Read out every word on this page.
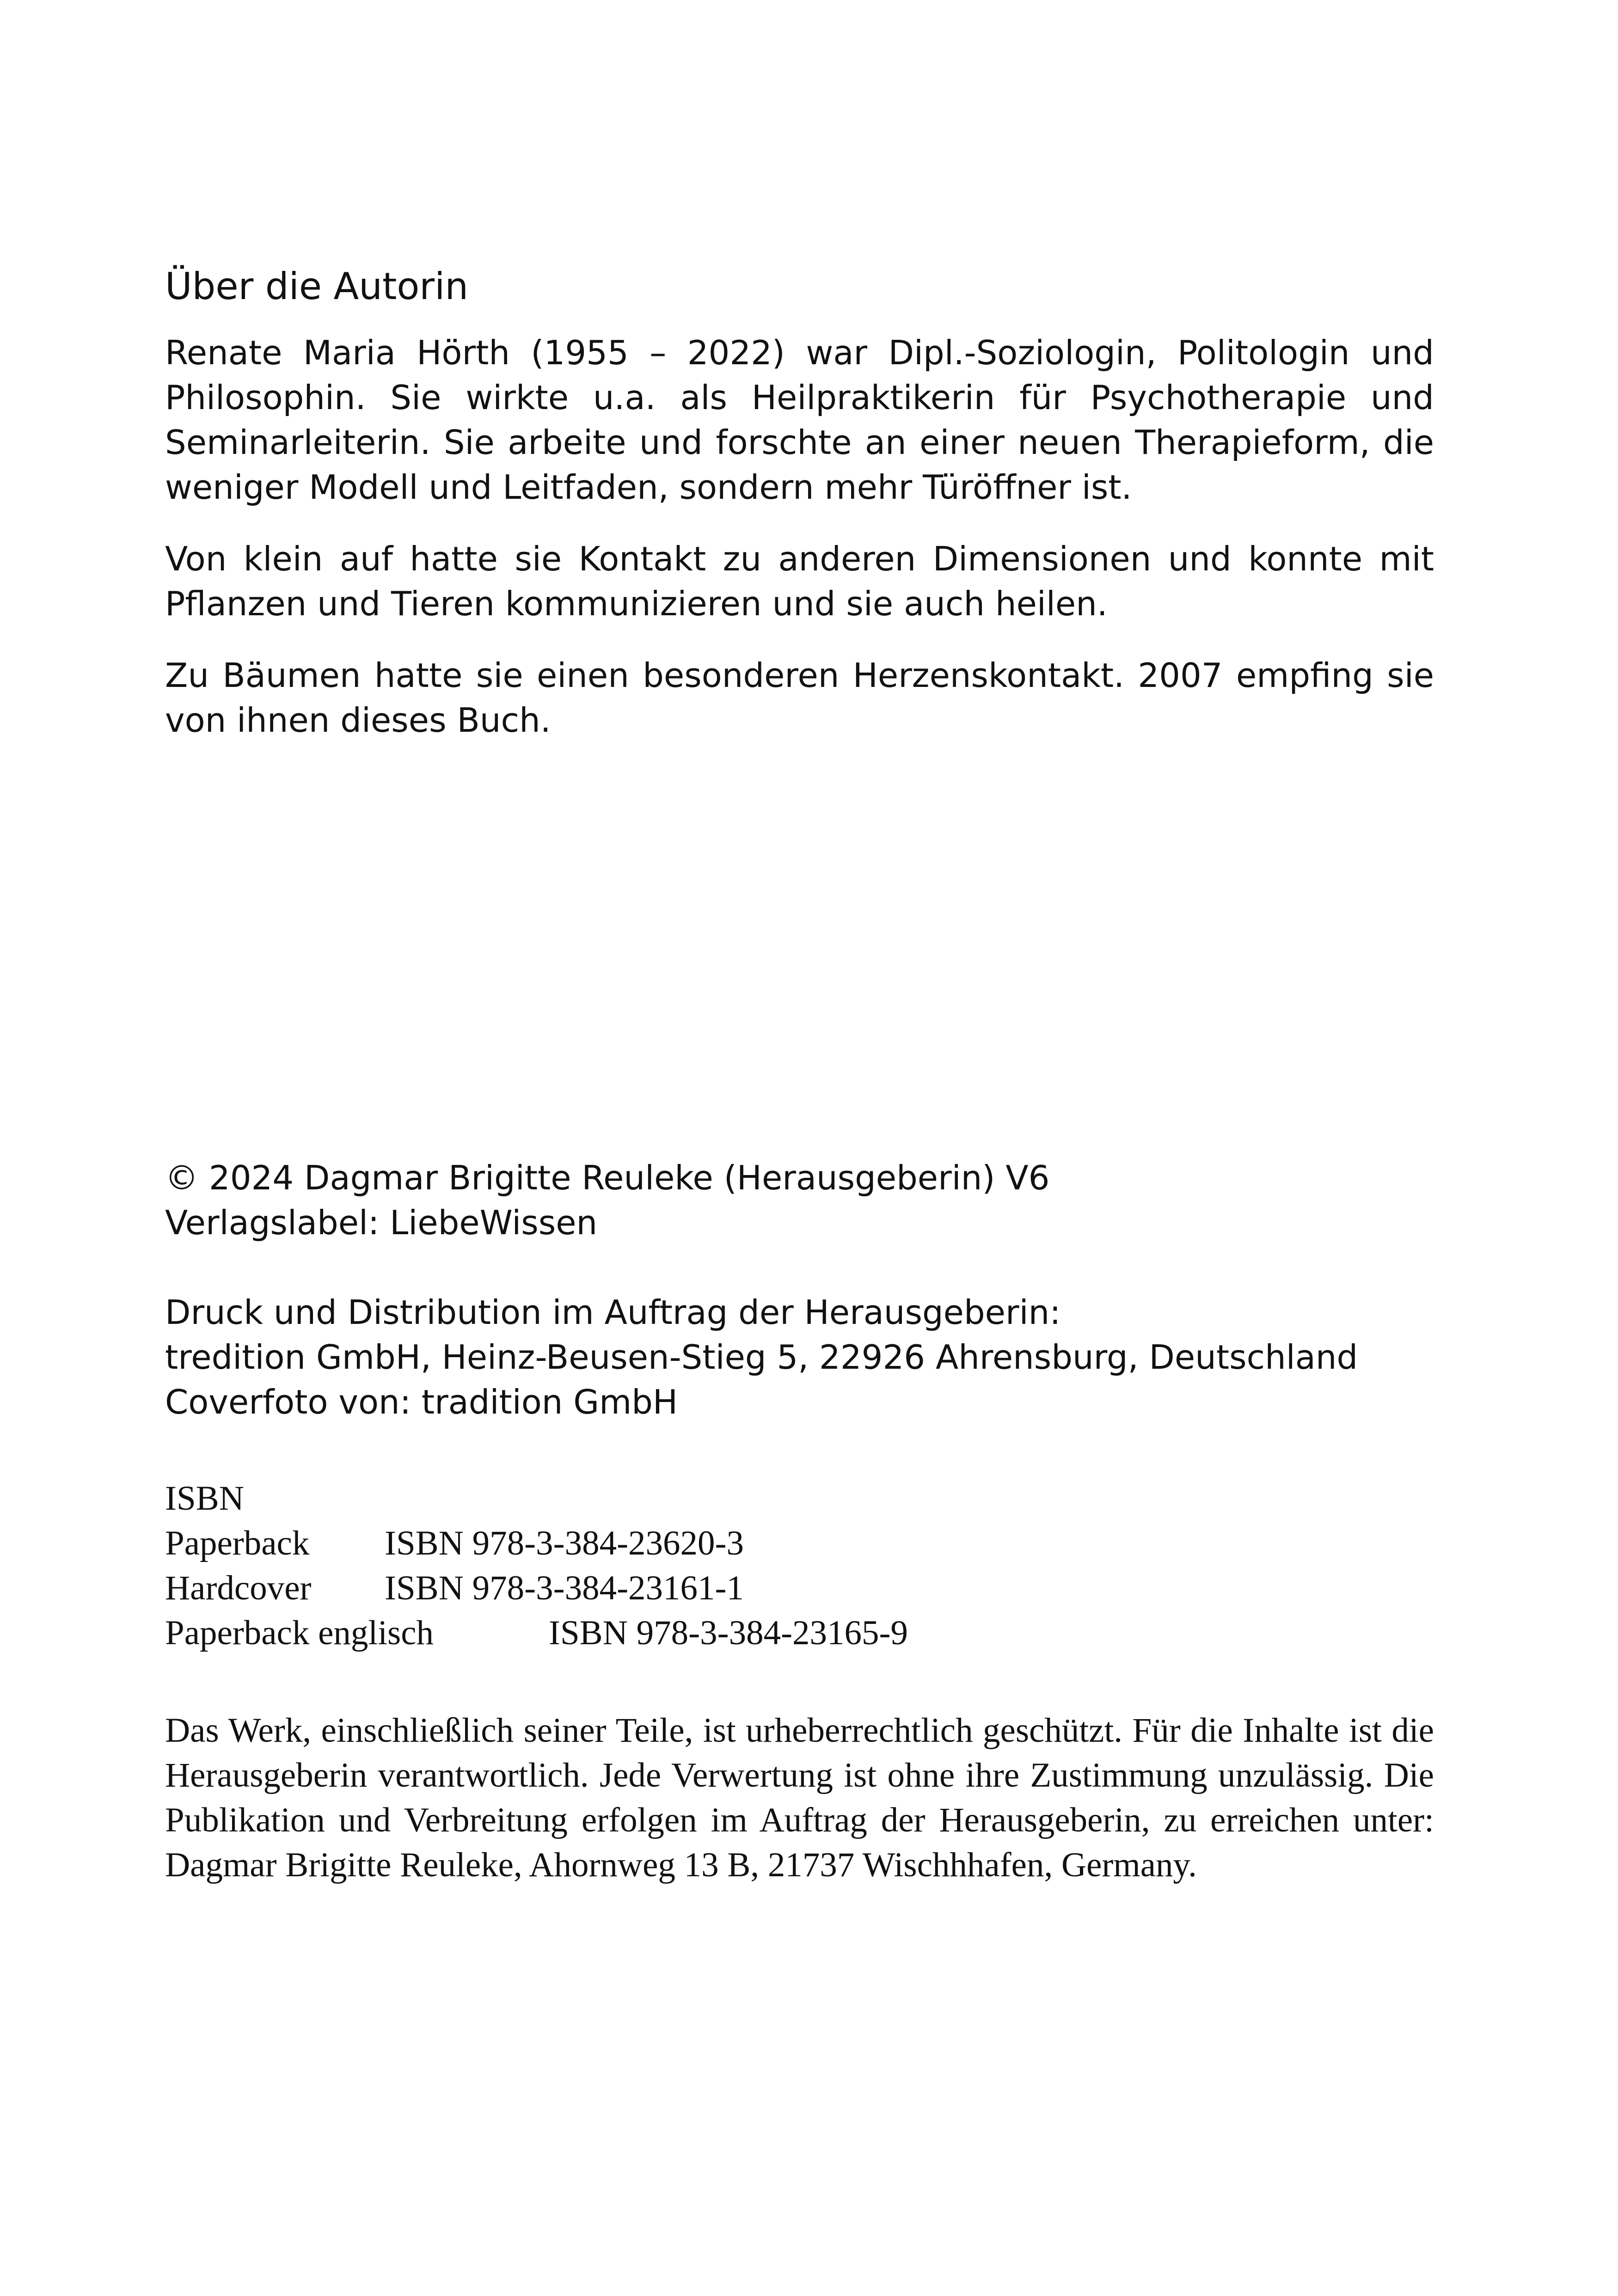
Über die Autorin

Renate Maria Hörth (1955 – 2022) war Dipl.-Soziologin, Politologin und Philosophin. Sie wirkte u.a. als Heilpraktikerin für Psychotherapie und Seminarleiterin. Sie arbeite und forschte an einer neuen Therapieform, die weniger Modell und Leitfaden, sondern mehr Türöffner ist.

Von klein auf hatte sie Kontakt zu anderen Dimensionen und konnte mit Pflanzen und Tieren kommunizieren und sie auch heilen.

Zu Bäumen hatte sie einen besonderen Herzenskontakt. 2007 empfing sie von ihnen dieses Buch.

© 2024 Dagmar Brigitte Reuleke (Herausgeberin) V6
Verlagslabel: LiebeWissen
Druck und Distribution im Auftrag der Herausgeberin:
tredition GmbH, Heinz-Beusen-Stieg 5, 22926 Ahrensburg, Deutschland
Coverfoto von: tradition GmbH
ISBN
Paperback ISBN 978-3-384-23620-3
Hardcover ISBN 978-3-384-23161-1
Paperback englisch	ISBN 978-3-384-23165-9

Das Werk, einschließlich seiner Teile, ist urheberrechtlich geschützt. Für die Inhalte ist die Herausgeberin verantwortlich. Jede Verwertung ist ohne ihre Zustimmung unzulässig. Die Publikation und Verbreitung erfolgen im Auftrag der Herausgeberin, zu erreichen unter: Dagmar Brigitte Reuleke, Ahornweg 13 B, 21737 Wischhhafen, Germany.
